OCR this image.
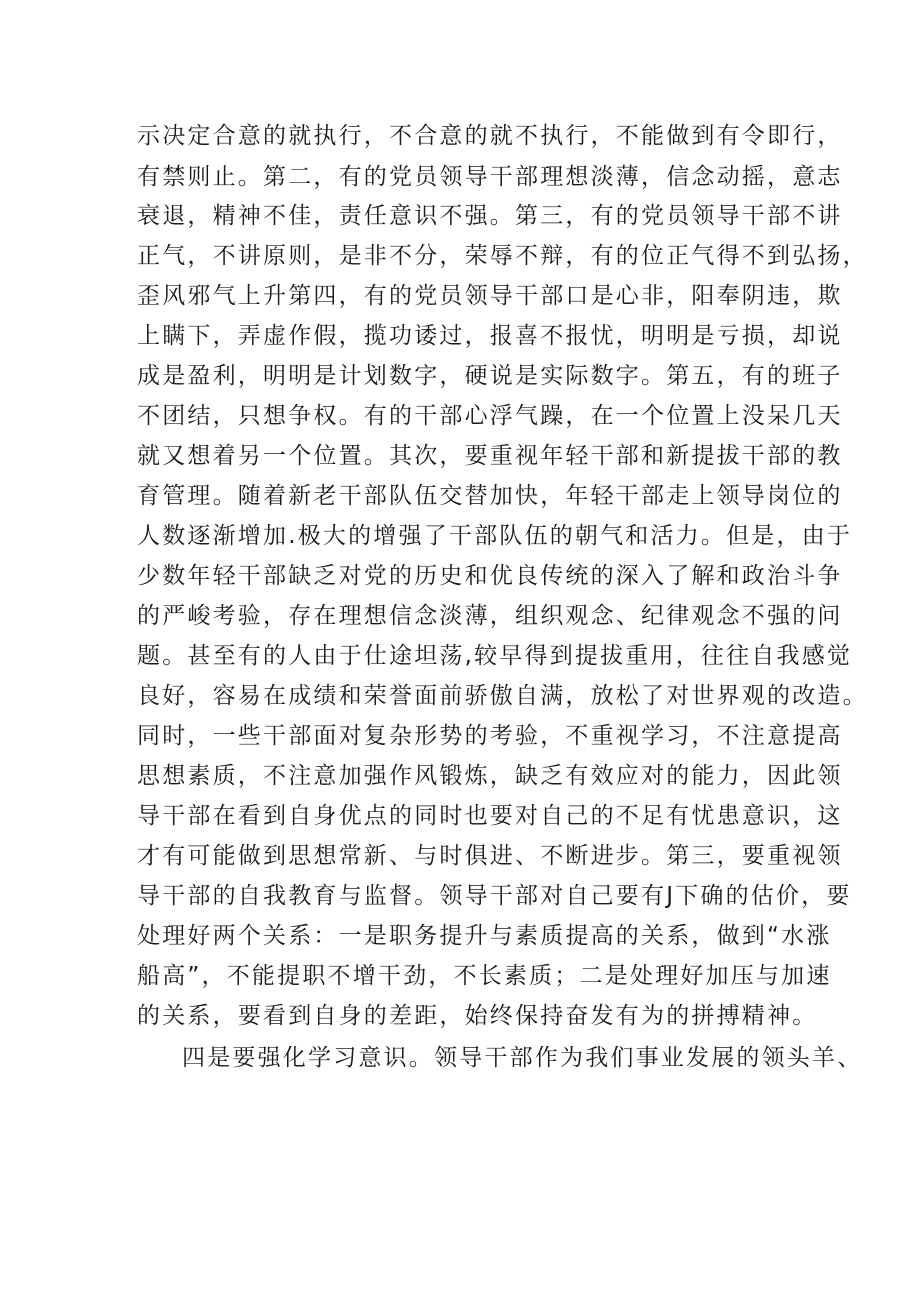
示决定合意的就执行，不合意的就不执行，不能做到有令即行，
有禁则止。第二，有的党员领导干部理想淡薄，信念动摇，意志
衰退，精神不佳，责任意识不强。第三，有的党员领导干部不讲
正气，不讲原则，是非不分，荣辱不辩，有的位正气得不到弘扬，
歪风邪气上升第四，有的党员领导干部口是心非，阳奉阴违，欺
上瞒下，弄虚作假，揽功诿过，报喜不报忧，明明是亏损，却说
成是盈利，明明是计划数字，硬说是实际数字。第五，有的班子
不团结，只想争权。有的干部心浮气躁，在一个位置上没呆几天
就又想着另一个位置。其次，要重视年轻干部和新提拔干部的教
育管理。随着新老干部队伍交替加快，年轻干部走上领导岗位的
人数逐渐增加.极大的增强了干部队伍的朝气和活力。但是，由于
少数年轻干部缺乏对党的历史和优良传统的深入了解和政治斗争
的严峻考验，存在理想信念淡薄，组织观念、纪律观念不强的问
题。甚至有的人由于仕途坦荡,较早得到提拔重用，往往自我感觉
良好，容易在成绩和荣誉面前骄傲自满，放松了对世界观的改造。
同时，一些干部面对复杂形势的考验，不重视学习，不注意提高
思想素质，不注意加强作风锻炼，缺乏有效应对的能力，因此领
导干部在看到自身优点的同时也要对自己的不足有忧患意识，这
才有可能做到思想常新、与时俱进、不断进步。第三，要重视领
导干部的自我教育与监督。领导干部对自己要有J下确的估价，要
处理好两个关系：一是职务提升与素质提高的关系，做到“水涨
船高”，不能提职不增干劲，不长素质；二是处理好加压与加速
的关系，要看到自身的差距，始终保持奋发有为的拼搏精神。
四是要强化学习意识。领导干部作为我们事业发展的领头羊、
